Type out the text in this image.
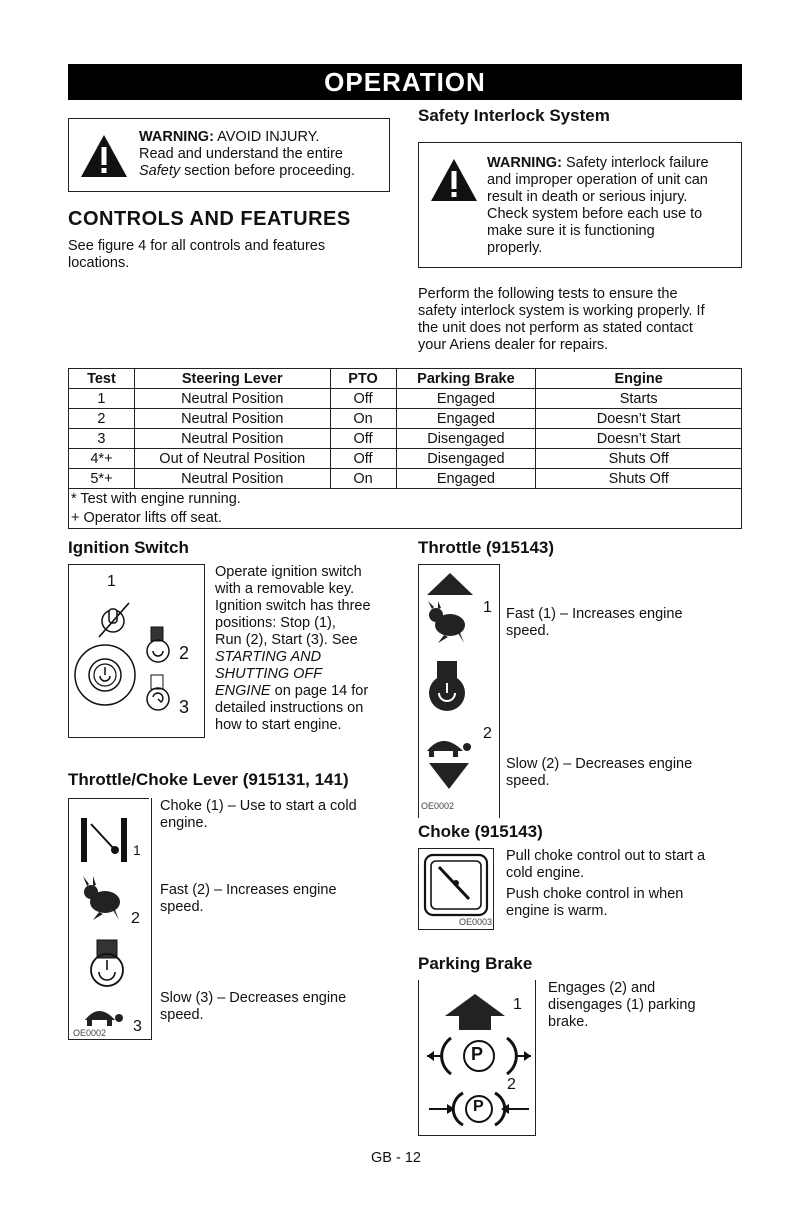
OPERATION
WARNING: AVOID INJURY.
Read and understand the entire
Safety section before proceeding.
CONTROLS AND FEATURES
See figure 4 for all controls and features
locations.
Safety Interlock System
WARNING: Safety interlock failure
and improper operation of unit can
result in death or serious injury.
Check system before each use to
make sure it is functioning
properly.
Perform the following tests to ensure the
safety interlock system is working properly. If
the unit does not perform as stated contact
your Ariens dealer for repairs.
Test	Steering Lever	PTO	Parking Brake	Engine
1	Neutral Position	Off	Engaged	Starts
2	Neutral Position	On	Engaged	Doesn’t Start
3	Neutral Position	Off	Disengaged	Doesn’t Start
4*+	Out of Neutral Position	Off	Disengaged	Shuts Off
5*+	Neutral Position	On	Engaged	Shuts Off
* Test with engine running.				
+ Operator lifts off seat.				
Ignition Switch
1
2
3
Operate ignition switch
with a removable key.
Ignition switch has three
positions: Stop (1),
Run (2), Start (3). See
STARTING AND
SHUTTING OFF
ENGINE on page 14 for
detailed instructions on
how to start engine.
Throttle/Choke Lever (915131, 141)
1
2
3
OE0002
Choke (1) – Use to start a cold
engine.
Fast (2) – Increases engine
speed.
Slow (3) – Decreases engine
speed.
Throttle (915143)
1
2
OE0002
Fast (1) – Increases engine
speed.
Slow (2) – Decreases engine
speed.
Choke (915143)
OE0003
Pull choke control out to start a
cold engine.
Push choke control in when
engine is warm.
Parking Brake
1
P
2
P
Engages (2) and
disengages (1) parking
brake.
GB - 12
